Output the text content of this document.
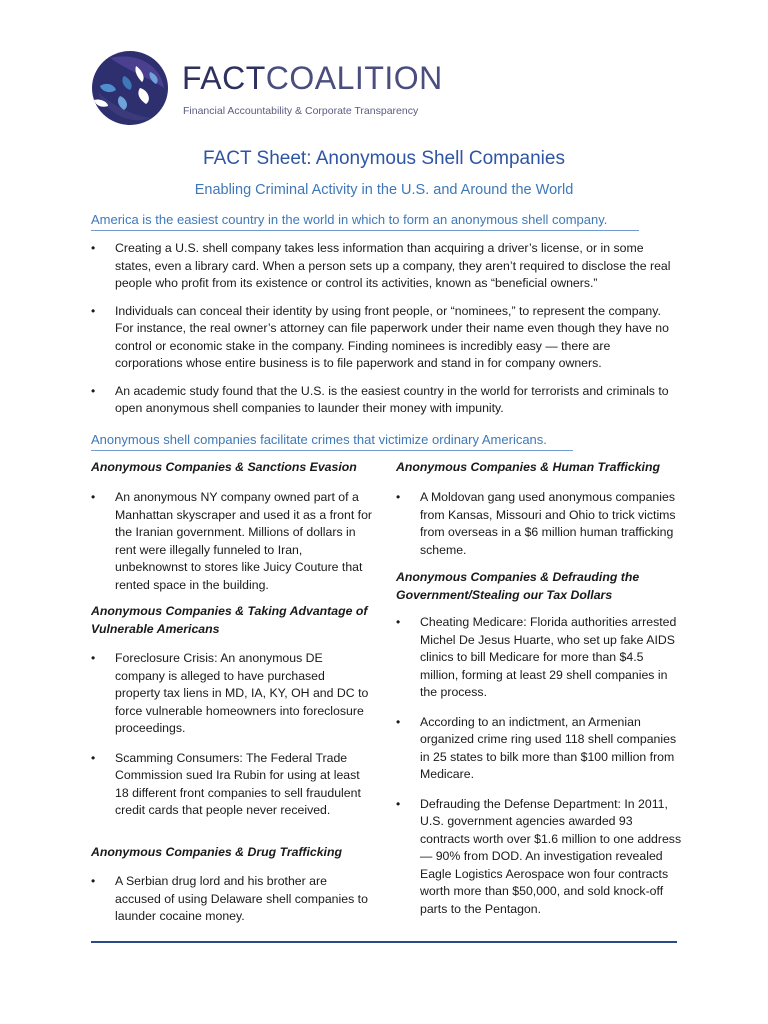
FACTCOALITION
Financial Accountability & Corporate Transparency
FACT Sheet: Anonymous Shell Companies
Enabling Criminal Activity in the U.S. and Around the World
America is the easiest country in the world in which to form an anonymous shell company.
• Creating a U.S. shell company takes less information than acquiring a driver’s license, or in some states, even a library card. When a person sets up a company, they aren’t required to disclose the real people who profit from its existence or control its activities, known as “beneficial owners.”
• Individuals can conceal their identity by using front people, or “nominees,” to represent the company. For instance, the real owner’s attorney can file paperwork under their name even though they have no control or economic stake in the company. Finding nominees is incredibly easy — there are corporations whose entire business is to file paperwork and stand in for company owners.
• An academic study found that the U.S. is the easiest country in the world for terrorists and criminals to open anonymous shell companies to launder their money with impunity.
Anonymous shell companies facilitate crimes that victimize ordinary Americans.
Anonymous Companies & Sanctions Evasion
• An anonymous NY company owned part of a Manhattan skyscraper and used it as a front for the Iranian government. Millions of dollars in rent were illegally funneled to Iran, unbeknownst to stores like Juicy Couture that rented space in the building.
Anonymous Companies & Taking Advantage of Vulnerable Americans
• Foreclosure Crisis: An anonymous DE company is alleged to have purchased property tax liens in MD, IA, KY, OH and DC to force vulnerable homeowners into foreclosure proceedings.
• Scamming Consumers: The Federal Trade Commission sued Ira Rubin for using at least 18 different front companies to sell fraudulent credit cards that people never received.
Anonymous Companies & Drug Trafficking
• A Serbian drug lord and his brother are accused of using Delaware shell companies to launder cocaine money.
Anonymous Companies & Human Trafficking
• A Moldovan gang used anonymous companies from Kansas, Missouri and Ohio to trick victims from overseas in a $6 million human trafficking scheme.
Anonymous Companies & Defrauding the Government/Stealing our Tax Dollars
• Cheating Medicare: Florida authorities arrested Michel De Jesus Huarte, who set up fake AIDS clinics to bill Medicare for more than $4.5 million, forming at least 29 shell companies in the process.
• According to an indictment, an Armenian organized crime ring used 118 shell companies in 25 states to bilk more than $100 million from Medicare.
• Defrauding the Defense Department: In 2011, U.S. government agencies awarded 93 contracts worth over $1.6 million to one address — 90% from DOD. An investigation revealed Eagle Logistics Aerospace won four contracts worth more than $50,000, and sold knock-off parts to the Pentagon.
